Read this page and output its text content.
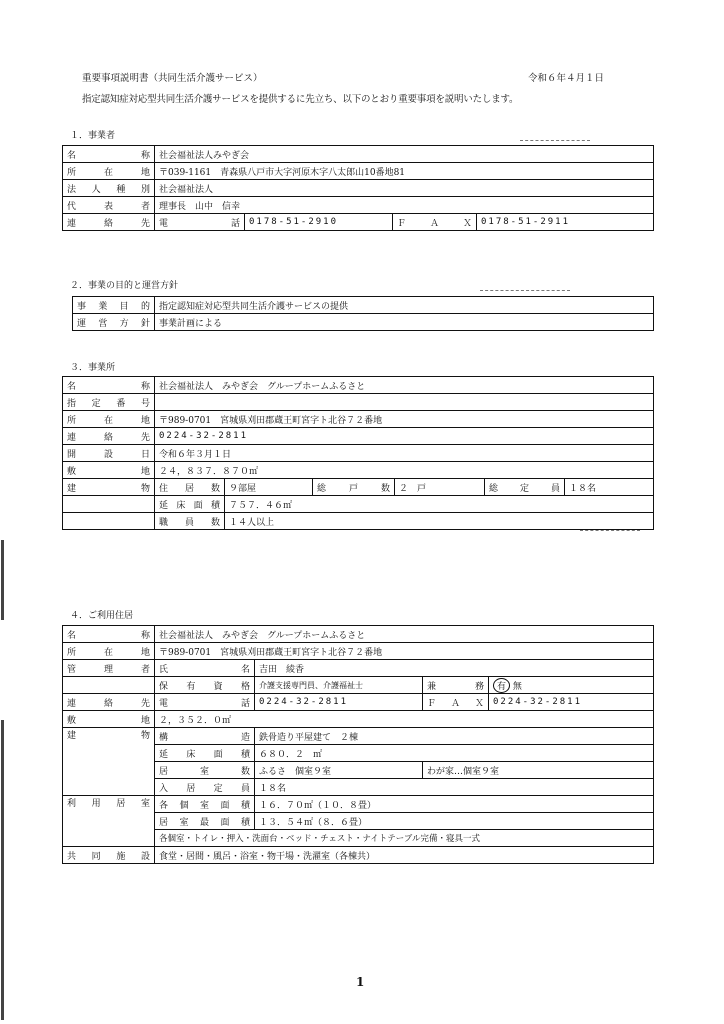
重要事項説明書（共同生活介護サービス）	令和６年４月１日
指定認知症対応型共同生活介護サービスを提供するに先立ち、以下のとおり重要事項を説明いたします。
１．事業者
名　称	社会福祉法人みやぎ会			
所在地	〒039-1161　青森県八戸市大字河原木字八太郎山10番地81			
法人種別	社会福祉法人			
代表者	理事長　山中　信幸			
連絡先	電　話	0178-51-2910	ＦＡＸ	0178-51-2911
２．事業の目的と運営方針
事業目的	指定認知症対応型共同生活介護サービスの提供
運営方針	事業計画による
３．事業所
名　称	社会福祉法人　みやぎ会　グループホームふるさと					
指定番号						
所在地	〒989-0701　宮城県刈田郡蔵王町宮字ト北谷７２番地					
連絡先	0224-32-2811					
開設日	令和６年３月１日					
敷　地	２４，８３７．８７０㎡					
建　物	住居数	９部屋	総戸数	２　戸	総定員	１８名
	延床面積	７５７．４６㎡				
	職員数	１４人以上				
４．ご利用住居
名　称	社会福祉法人　みやぎ会　グループホームふるさと			
所在地	〒989-0701　宮城県刈田郡蔵王町宮字ト北谷７２番地			
管理者	氏　名	吉田　綾香		
	保有資格	介護支援専門員、介護福祉士	兼　務	有 無
連絡先	電　話	0224-32-2811	ＦＡＸ	0224-32-2811
敷　地	２，３５２．０㎡			
建　物	構　造	鉄骨造り平屋建て　２棟		
	延床面積	６８０．２　㎡		
	居室数	ふるさ　個室９室	わが家…個室９室	
	入居定員	１８名		
利用居室	各個室面積	１６．７０㎡（１０．８畳）		
	居室最面積	１３．５４㎡（８．６畳）		
	各個室・トイレ・押入・洗面台・ベッド・チェスト・ナイトテーブル完備・寝具一式			
共同施設	食堂・居間・風呂・浴室・物干場・洗濯室（各棟共）			
1
